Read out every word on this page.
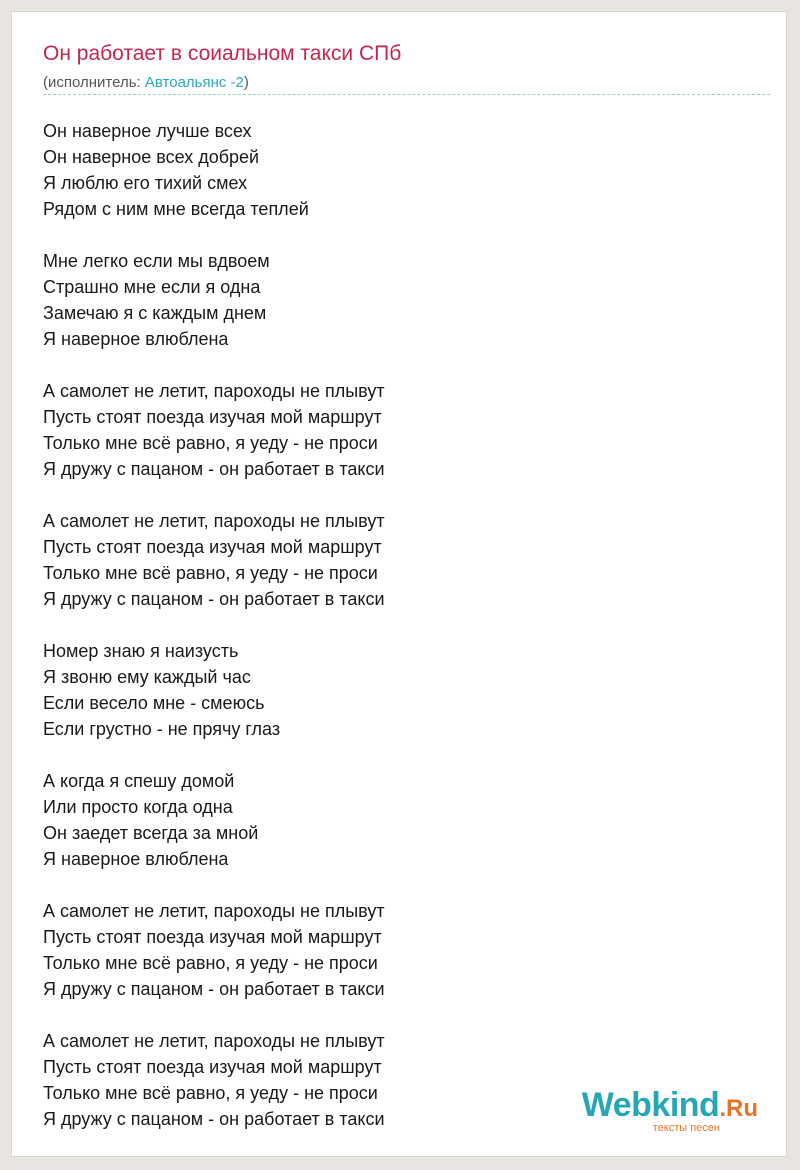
Он работает в соиальном такси СПб
(исполнитель: Автоальянс -2)
Он наверное лучше всех
Он наверное всех добрей
Я люблю его тихий смех
Рядом с ним мне всегда теплей
Мне легко если мы вдвоем
Страшно мне если я одна
Замечаю я с каждым днем
Я наверное влюблена
А самолет не летит, пароходы не плывут
Пусть стоят поезда изучая мой маршрут
Только мне всё равно, я уеду - не проси
Я дружу с пацаном - он работает в такси
А самолет не летит, пароходы не плывут
Пусть стоят поезда изучая мой маршрут
Только мне всё равно, я уеду - не проси
Я дружу с пацаном - он работает в такси
Номер знаю я наизусть
Я звоню ему каждый час
Если весело мне - смеюсь
Если грустно - не прячу глаз
А когда я спешу домой
Или просто когда одна
Он заедет всегда за мной
Я наверное влюблена
А самолет не летит, пароходы не плывут
Пусть стоят поезда изучая мой маршрут
Только мне всё равно, я уеду - не проси
Я дружу с пацаном - он работает в такси
А самолет не летит, пароходы не плывут
Пусть стоят поезда изучая мой маршрут
Только мне всё равно, я уеду - не проси
Я дружу с пацаном - он работает в такси	Webkind.Ru
тексты песен
